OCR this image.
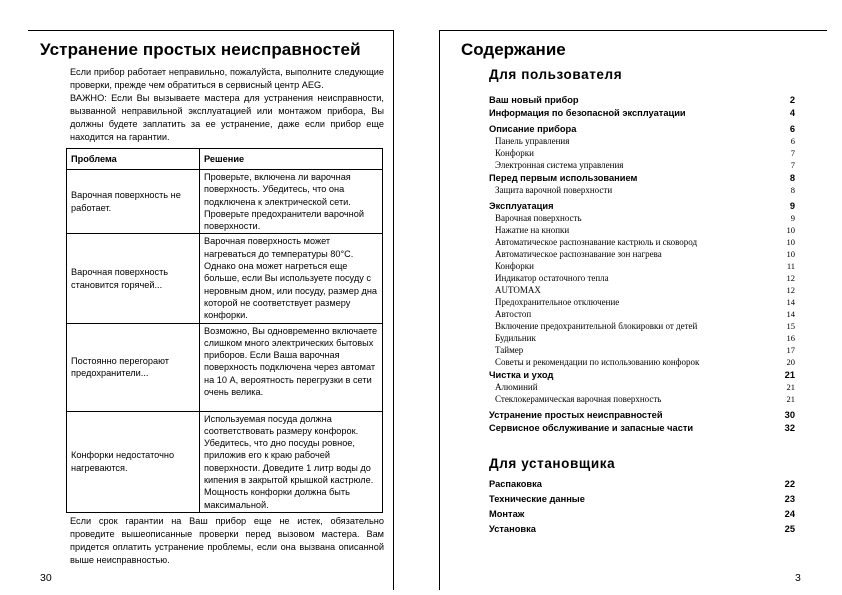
Устранение простых неисправностей

Если прибор работает неправильно, пожалуйста, выполните следующие проверки, прежде чем обратиться в сервисный центр AEG.

ВАЖНО: Если Вы вызываете мастера для устранения неисправности, вызванной неправильной эксплуатацией или монтажом прибора, Вы должны будете заплатить за ее устранение, даже если прибор еще находится на гарантии.

Проблема	Решение
Варочная поверхность не работает.	Проверьте, включена ли варочная поверхность. Убедитесь, что она подключена к электрической сети. Проверьте предохранители варочной поверхности.
Варочная поверхность становится горячей...	Варочная поверхность может нагреваться до температуры 80°C. Однако она может нагреться еще больше, если Вы используете посуду с неровным дном, или посуду, размер дна которой не соответствует размеру конфорки.
Постоянно перегорают предохранители...	Возможно, Вы одновременно включаете слишком много электрических бытовых приборов. Если Ваша варочная поверхность подключена через автомат на 10 А, вероятность перегрузки в сети очень велика.
Конфорки недостаточно нагреваются.	Используемая посуда должна соответствовать размеру конфорок. Убедитесь, что дно посуды ровное, приложив его к краю рабочей поверхности. Доведите 1 литр воды до кипения в закрытой крышкой кастрюле. Мощность конфорки должна быть максимальной.
Если срок гарантии на Ваш прибор еще не истек, обязательно проведите вышеописанные проверки перед вызовом мастера. Вам придется оплатить устранение проблемы, если она вызвана описанной выше неисправностью.
30
Содержание
Для пользователя
Ваш новый прибор	2
Информация по безопасной эксплуатации	4
Описание прибора	6
Панель управления	6
Конфорки	7
Электронная система управления	7
Перед первым использованием	8
Защита варочной поверхности	8
Эксплуатация	9
Варочная поверхность	9
Нажатие на кнопки	10
Автоматическое распознавание кастрюль и сковород	10
Автоматическое распознавание зон нагрева	10
Конфорки	11
Индикатор остаточного тепла	12
AUTOMAX	12
Предохранительное отключение	14
Автостоп	14
Включение предохранительной блокировки от детей	15
Будильник	16
Таймер	17
Советы и рекомендации по использованию конфорок	20
Чистка и уход	21
Алюминий	21
Стеклокерамическая варочная поверхность	21
Устранение простых неисправностей	30
Сервисное обслуживание и запасные части	32
Для установщика
Распаковка	22
Технические данные	23
Монтаж	24
Установка	25
3
